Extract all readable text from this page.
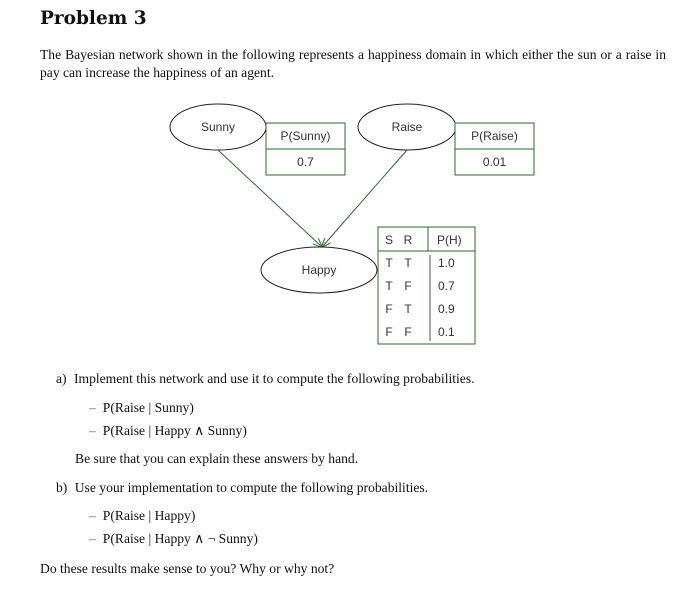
Problem 3
The Bayesian network shown in the following represents a happiness domain in which either the sun or a raise in pay can increase the happiness of an agent.
Sunny	Raise
Happy
P(Sunny)
0.7
P(Raise)
0.01
S R P(H)
T T 1.0
T F 0.7
F T 0.9
F F 0.1
a) Implement this network and use it to compute the following probabilities.
– P(Raise | Sunny)
– P(Raise | Happy ∧ Sunny)
Be sure that you can explain these answers by hand.
b) Use your implementation to compute the following probabilities.
– P(Raise | Happy)
– P(Raise | Happy ∧ ¬ Sunny)
Do these results make sense to you? Why or why not?
